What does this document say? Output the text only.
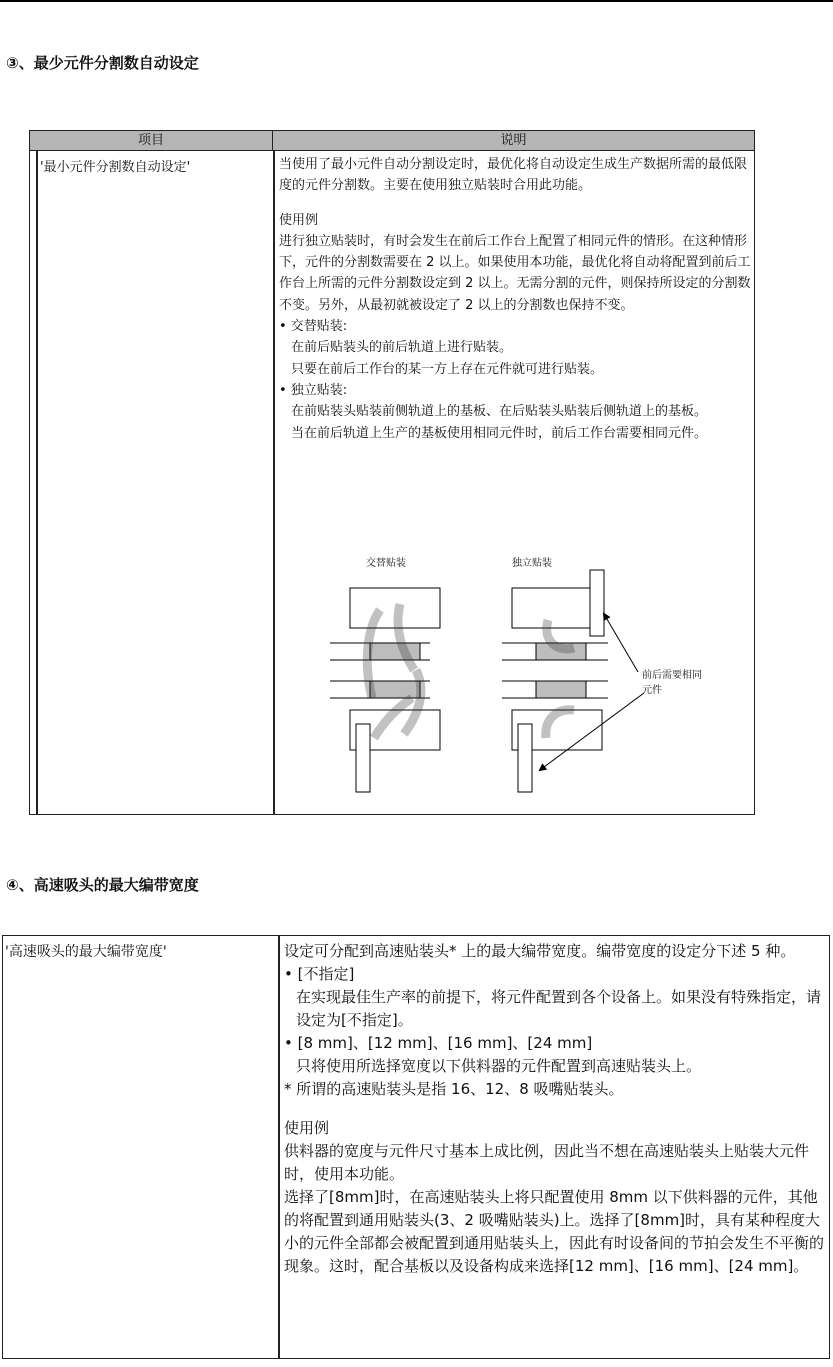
③、最少元件分割数自动设定
项目	说明
'最小元件分割数自动设定'	当使用了最小元件自动分割设定时，最优化将自动设定生成生产数据所需的最低限度的元件分割数。主要在使用独立贴装时合用此功能。

使用例

进行独立贴装时，有时会发生在前后工作台上配置了相同元件的情形。在这种情形下，元件的分割数需要在 2 以上。如果使用本功能，最优化将自动将配置到前后工作台上所需的元件分割数设定到 2 以上。无需分割的元件，则保持所设定的分割数不变。另外，从最初就被设定了 2 以上的分割数也保持不变。

• 交替贴装:

在前后贴装头的前后轨道上进行贴装。

只要在前后工作台的某一方上存在元件就可进行贴装。

• 独立贴装:

在前贴装头贴装前侧轨道上的基板、在后贴装头贴装后侧轨道上的基板。

当在前后轨道上生产的基板使用相同元件时，前后工作台需要相同元件。

交替贴装	独立贴装
前后需要相同
元件
④、高速吸头的最大编带宽度
'高速吸头的最大编带宽度'	设定可分配到高速贴装头* 上的最大编带宽度。编带宽度的设定分下述 5 种。

• [不指定]

在实现最佳生产率的前提下，将元件配置到各个设备上。如果没有特殊指定，请设定为[不指定]。

• [8 mm]、[12 mm]、[16 mm]、[24 mm]

只将使用所选择宽度以下供料器的元件配置到高速贴装头上。

* 所谓的高速贴装头是指 16、12、8 吸嘴贴装头。

使用例

供料器的宽度与元件尺寸基本上成比例，因此当不想在高速贴装头上贴装大元件时，使用本功能。

选择了[8mm]时，在高速贴装头上将只配置使用 8mm 以下供料器的元件，其他的将配置到通用贴装头(3、2 吸嘴贴装头)上。选择了[8mm]时，具有某种程度大小的元件全部都会被配置到通用贴装头上，因此有时设备间的节拍会发生不平衡的现象。这时，配合基板以及设备构成来选择[12 mm]、[16 mm]、[24 mm]。
